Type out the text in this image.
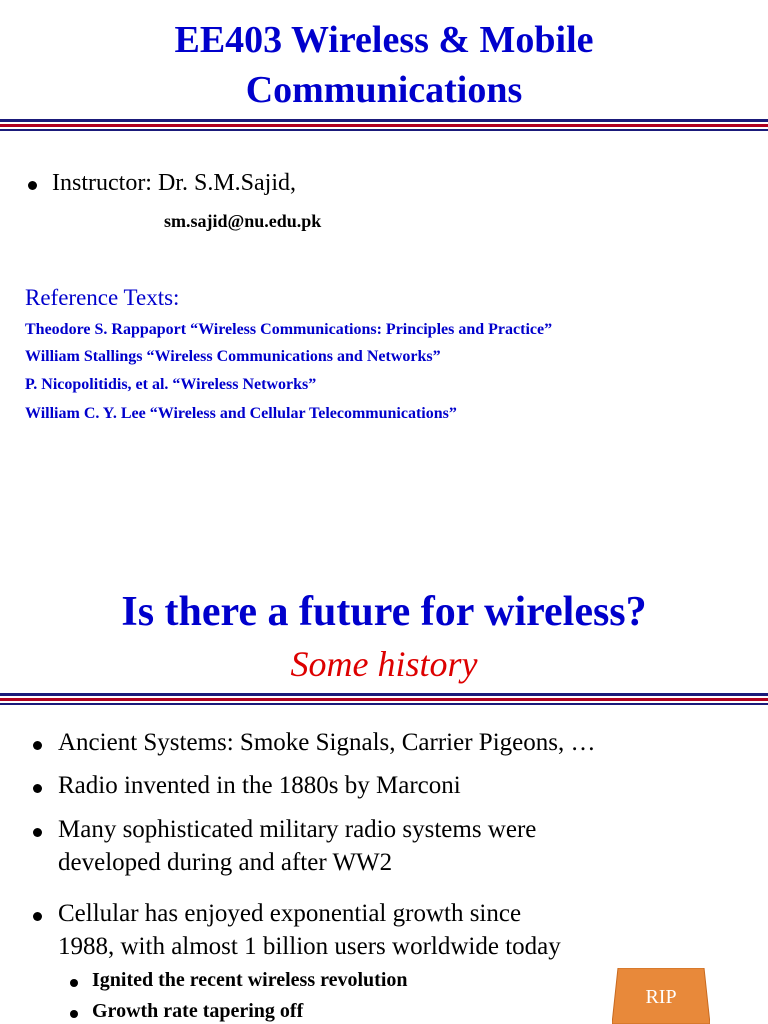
EE403 Wireless & Mobile
Communications
Instructor: Dr. S.M.Sajid,
sm.sajid@nu.edu.pk
Reference Texts:
Theodore S. Rappaport “Wireless Communications: Principles and Practice”
William Stallings “Wireless Communications and Networks”
P. Nicopolitidis, et al. “Wireless Networks”
William C. Y. Lee “Wireless and Cellular Telecommunications”
Is there a future for wireless?
Some history
Ancient Systems: Smoke Signals, Carrier Pigeons, …
Radio invented in the 1880s by Marconi
Many sophisticated military radio systems were
developed during and after WW2
Cellular has enjoyed exponential growth since
1988, with almost 1 billion users worldwide today
Ignited the recent wireless revolution
Growth rate tapering off
RIP
